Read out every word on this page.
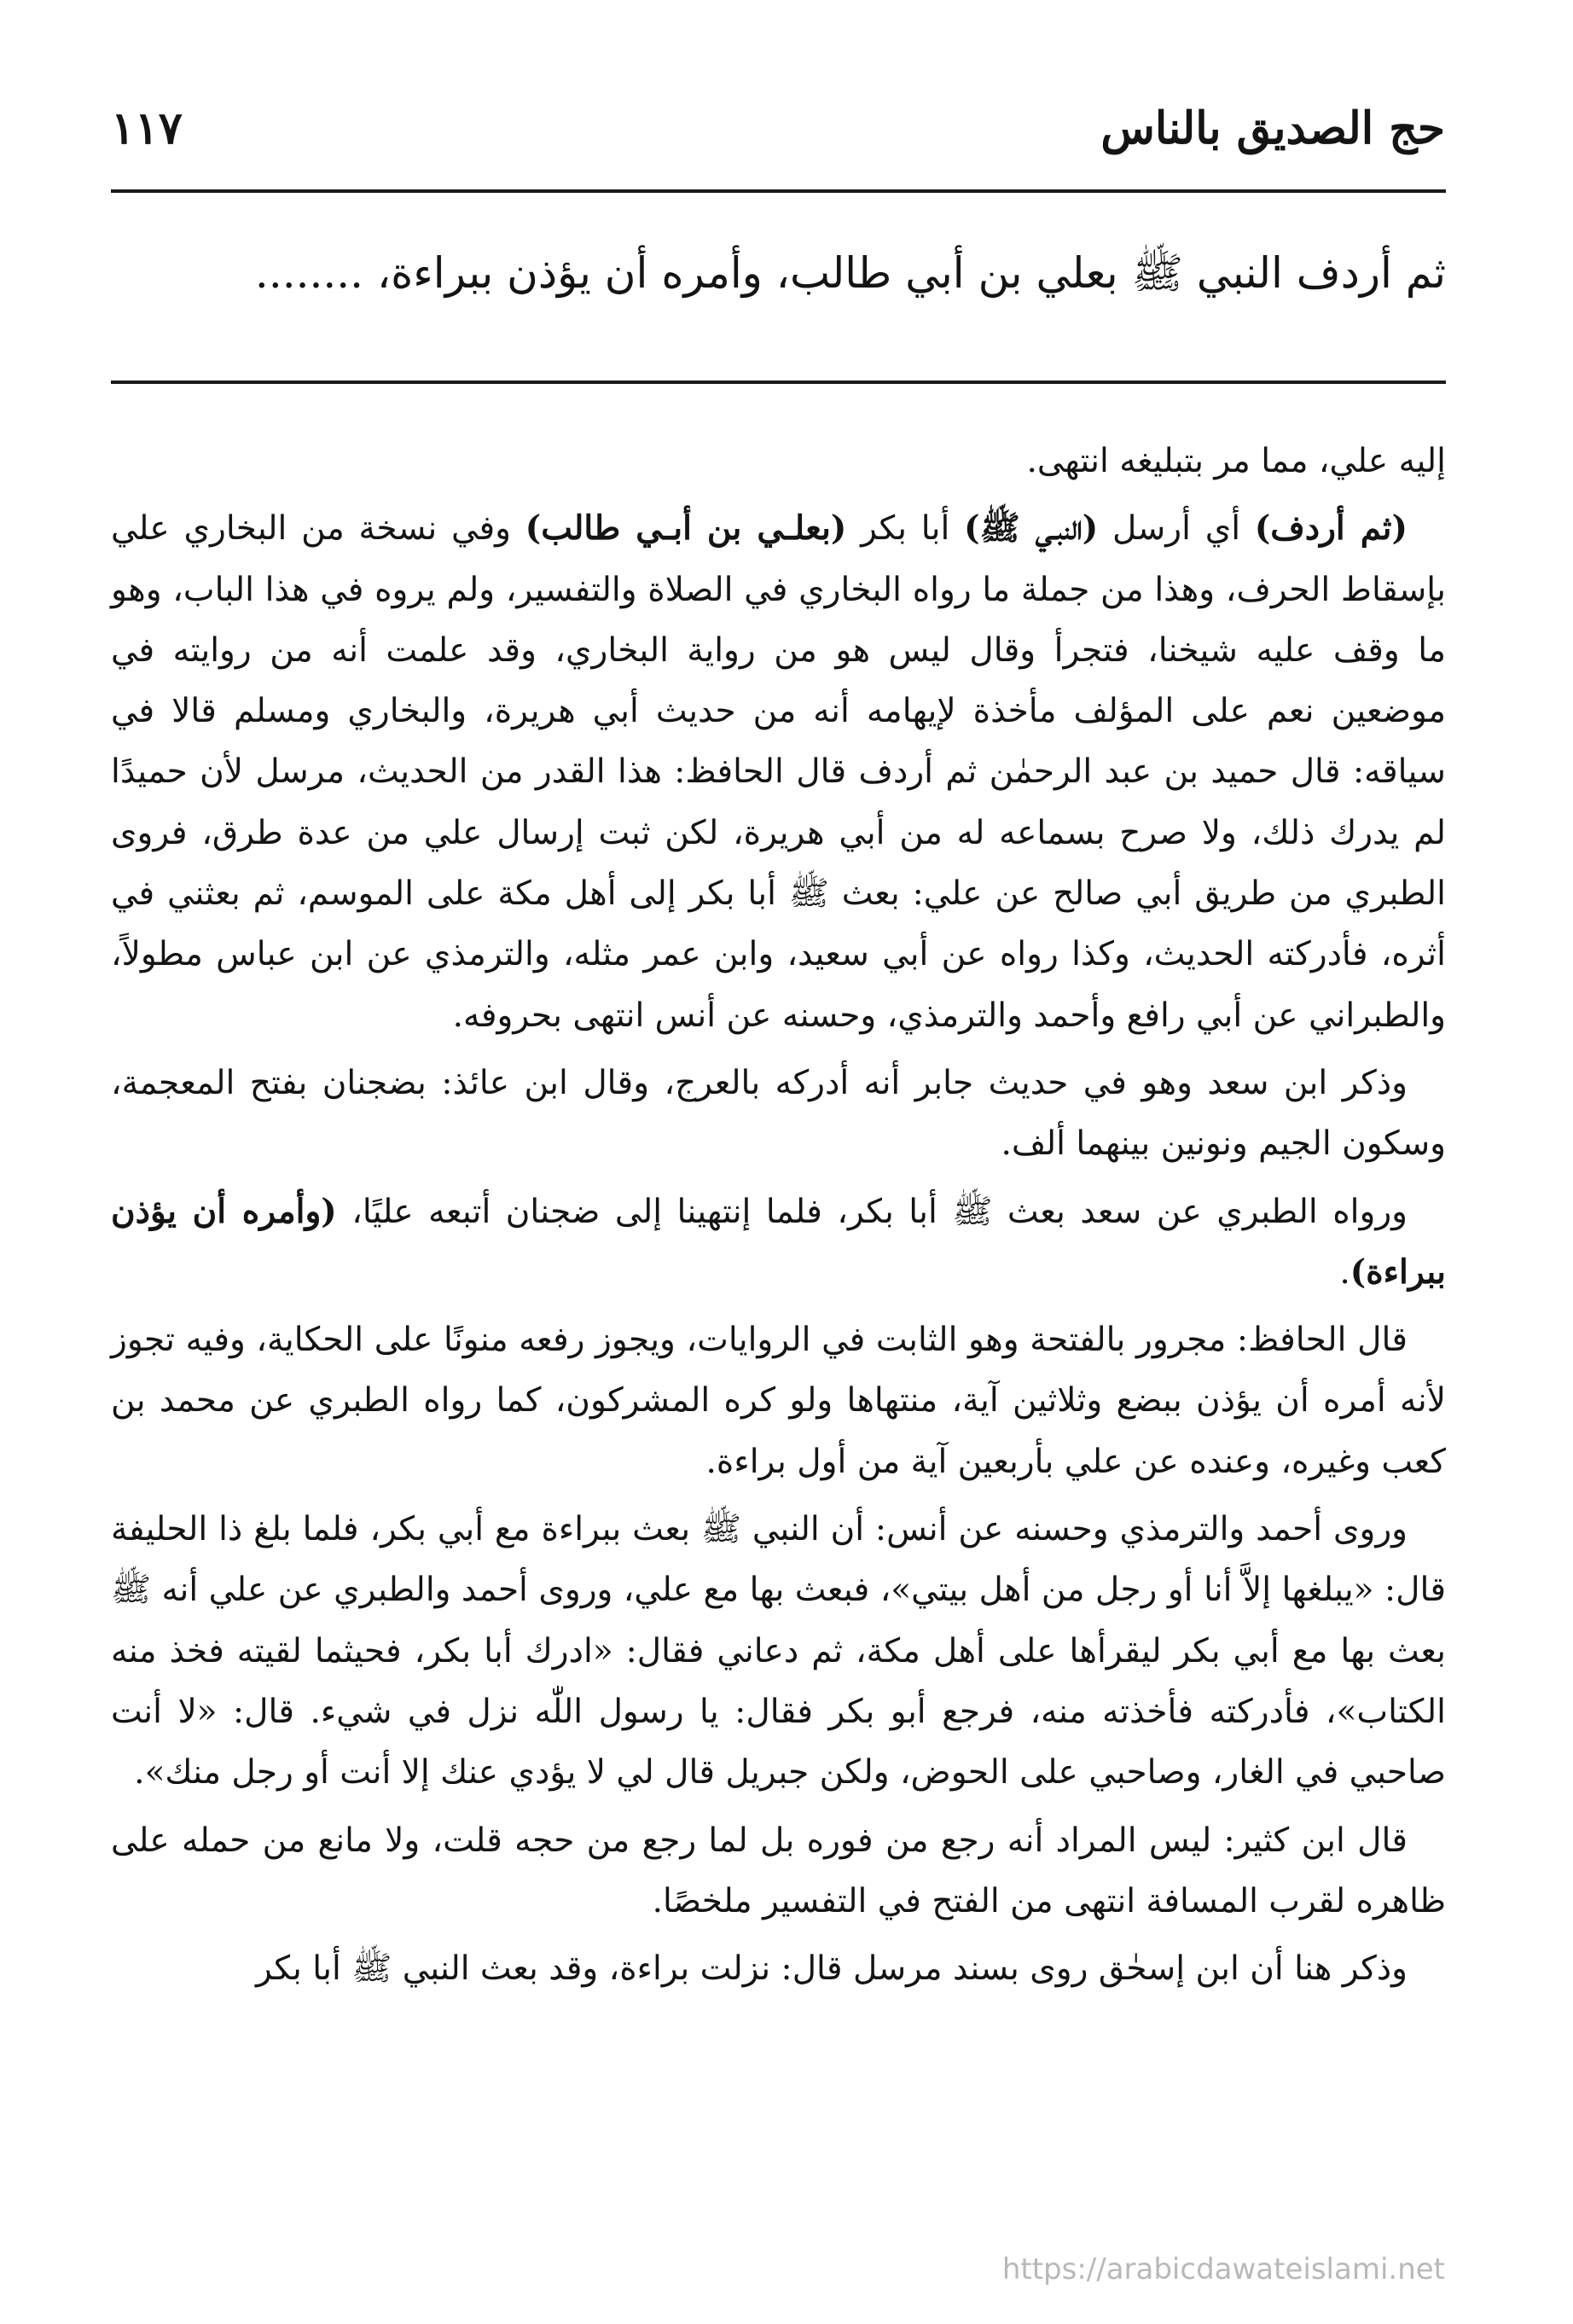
حج الصديق بالناس
١١٧
ثم أردف النبي ﷺ بعلي بن أبي طالب، وأمره أن يؤذن ببراءة، ........

إليه علي، مما مر بتبليغه انتهى.

(ثم أردف) أي أرسل (النبـي ﷺ) أبا بكر (بعلـي بن أبـي طالب) وفي نسخة من البخاري علي بإسقاط الحرف، وهذا من جملة ما رواه البخاري في الصلاة والتفسير، ولم يروه في هذا الباب، وهو ما وقف عليه شيخنا، فتجرأ وقال ليس هو من رواية البخاري، وقد علمت أنه من روايته في موضعين نعم على المؤلف مأخذة لإيهامه أنه من حديث أبي هريرة، والبخاري ومسلم قالا في سياقه: قال حميد بن عبد الرحمٰن ثم أردف قال الحافظ: هذا القدر من الحديث، مرسل لأن حميدًا لم يدرك ذلك، ولا صرح بسماعه له من أبي هريرة، لكن ثبت إرسال علي من عدة طرق، فروى الطبري من طريق أبي صالح عن علي: بعث ﷺ أبا بكر إلى أهل مكة على الموسم، ثم بعثني في أثره، فأدركته الحديث، وكذا رواه عن أبي سعيد، وابن عمر مثله، والترمذي عن ابن عباس مطولاً، والطبراني عن أبي رافع وأحمد والترمذي، وحسنه عن أنس انتهى بحروفه.

وذكر ابن سعد وهو في حديث جابر أنه أدركه بالعرج، وقال ابن عائذ: بضجنان بفتح المعجمة، وسكون الجيم ونونين بينهما ألف.

ورواه الطبري عن سعد بعث ﷺ أبا بكر، فلما إنتهينا إلى ضجنان أتبعه عليًا، (وأمره أن يؤذن ببراءة).

قال الحافظ: مجرور بالفتحة وهو الثابت في الروايات، ويجوز رفعه منونًا على الحكاية، وفيه تجوز لأنه أمره أن يؤذن ببضع وثلاثين آية، منتهاها ولو كره المشركون، كما رواه الطبري عن محمد بن كعب وغيره، وعنده عن علي بأربعين آية من أول براءة.

وروى أحمد والترمذي وحسنه عن أنس: أن النبي ﷺ بعث ببراءة مع أبي بكر، فلما بلغ ذا الحليفة قال: «يبلغها إلاَّ أنا أو رجل من أهل بيتي»، فبعث بها مع علي، وروى أحمد والطبري عن علي أنه ﷺ بعث بها مع أبي بكر ليقرأها على أهل مكة، ثم دعاني فقال: «ادرك أبا بكر، فحيثما لقيته فخذ منه الكتاب»، فأدركته فأخذته منه، فرجع أبو بكر فقال: يا رسول اللّٰه نزل في شيء. قال: «لا أنت صاحبي في الغار، وصاحبي على الحوض، ولكن جبريل قال لي لا يؤدي عنك إلا أنت أو رجل منك».

قال ابن كثير: ليس المراد أنه رجع من فوره بل لما رجع من حجه قلت، ولا مانع من حمله على ظاهره لقرب المسافة انتهى من الفتح في التفسير ملخصًا.

وذكر هنا أن ابن إسحٰق روى بسند مرسل قال: نزلت براءة، وقد بعث النبي ﷺ أبا بكر

https://arabicdawateislami.net
